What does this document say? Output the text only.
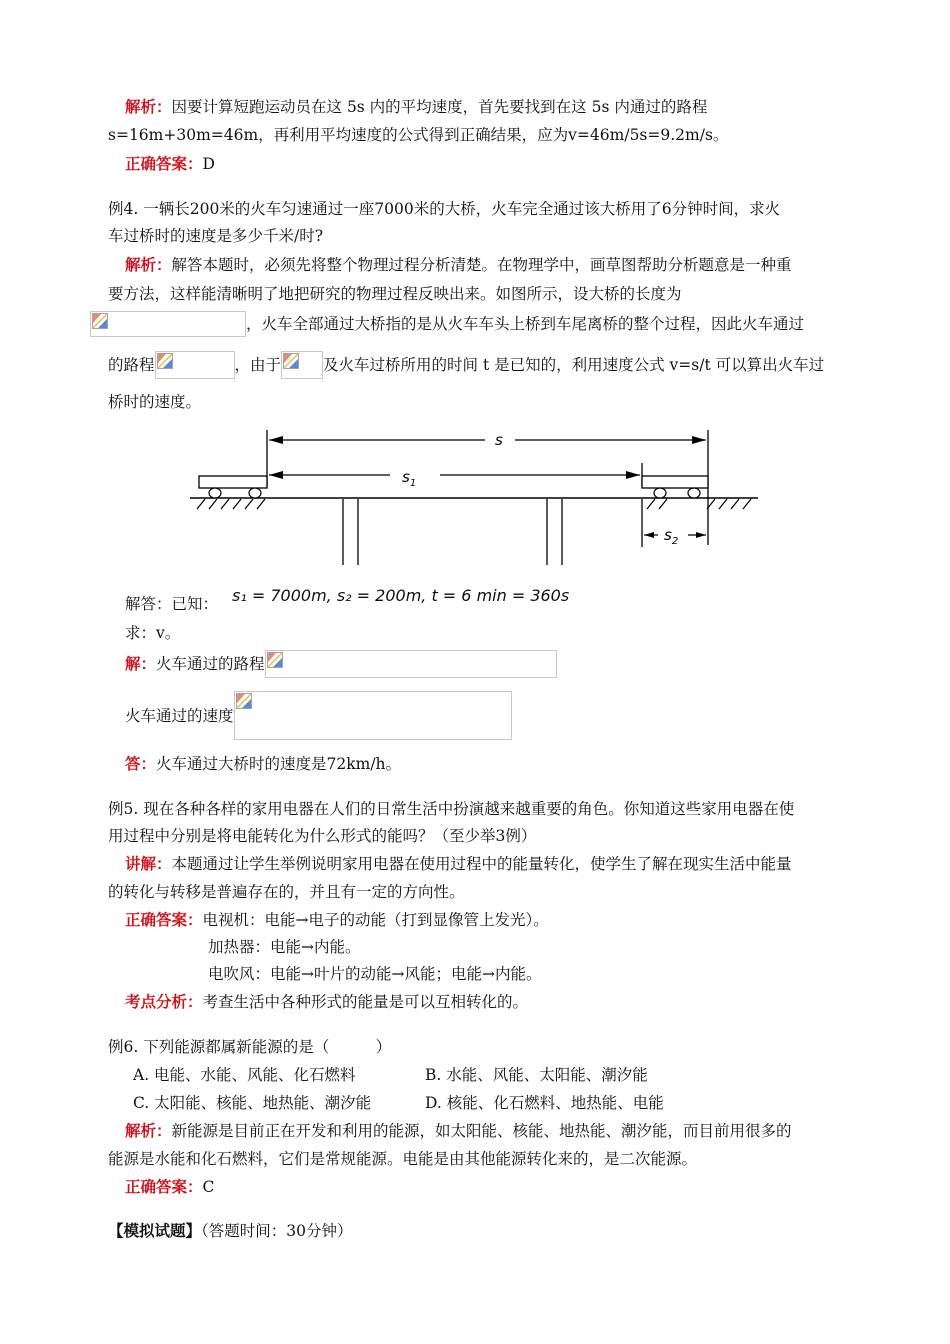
解析：因要计算短跑运动员在这 5s 内的平均速度，首先要找到在这 5s 内通过的路程
s=16m+30m=46m，再利用平均速度的公式得到正确结果，应为v=46m/5s=9.2m/s。
正确答案：D
例4. 一辆长200米的火车匀速通过一座7000米的大桥，火车完全通过该大桥用了6分钟时间，求火
车过桥时的速度是多少千米/时?
解析：解答本题时，必须先将整个物理过程分析清楚。在物理学中，画草图帮助分析题意是一种重
要方法，这样能清晰明了地把研究的物理过程反映出来。如图所示，设大桥的长度为
，火车全部通过大桥指的是从火车车头上桥到车尾离桥的整个过程，因此火车通过
的路程	，由于	及火车过桥所用的时间 t 是已知的，利用速度公式 v=s/t 可以算出火车过
桥时的速度。
s
$s_1$
$s_2$
解答：已知： s₁ = 7000m, s₂ = 200m, t = 6 min = 360s
求：v。
解：火车通过的路程
火车通过的速度
答：火车通过大桥时的速度是72km/h。
例5. 现在各种各样的家用电器在人们的日常生活中扮演越来越重要的角色。你知道这些家用电器在使
用过程中分别是将电能转化为什么形式的能吗？（至少举3例）
讲解：本题通过让学生举例说明家用电器在使用过程中的能量转化，使学生了解在现实生活中能量
的转化与转移是普遍存在的，并且有一定的方向性。
正确答案：电视机：电能→电子的动能（打到显像管上发光）。
加热器：电能→内能。
电吹风：电能→叶片的动能→风能；电能→内能。
考点分析：考查生活中各种形式的能量是可以互相转化的。
例6. 下列能源都属新能源的是（　　　）
A. 电能、水能、风能、化石燃料	B. 水能、风能、太阳能、潮汐能
C. 太阳能、核能、地热能、潮汐能	D. 核能、化石燃料、地热能、电能
解析：新能源是目前正在开发和利用的能源，如太阳能、核能、地热能、潮汐能，而目前用很多的
能源是水能和化石燃料，它们是常规能源。电能是由其他能源转化来的，是二次能源。
正确答案：C
【模拟试题】（答题时间：30分钟）
